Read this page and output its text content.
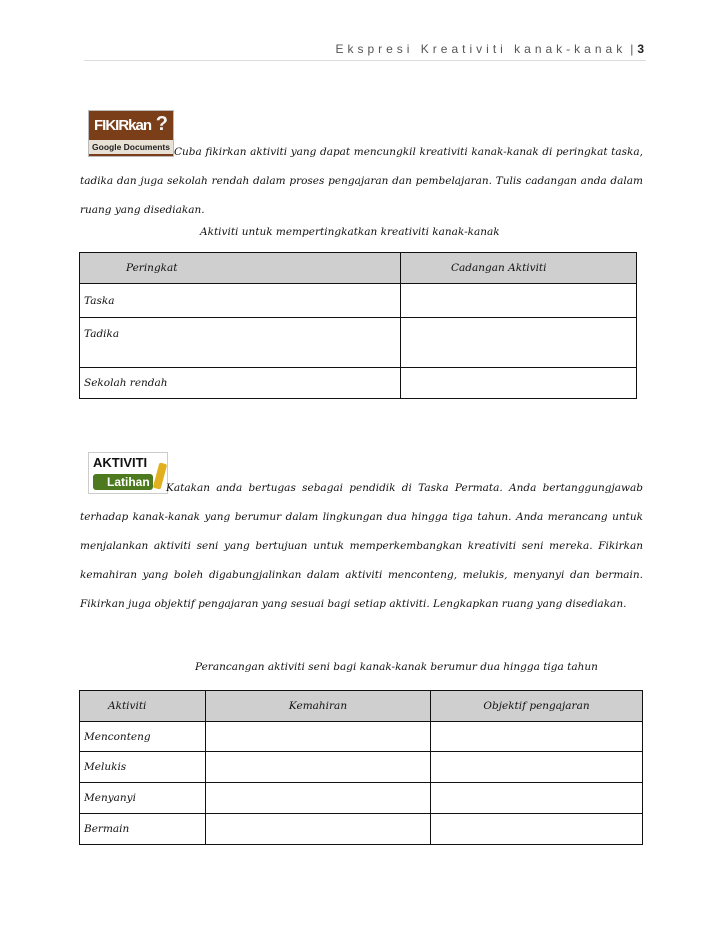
Ekspresi Kreativiti kanak-kanak | 3
FIKIRkan ?
Google Documents Cuba fikirkan aktiviti yang dapat mencungkil kreativiti kanak-kanak di peringkat taska, tadika dan juga sekolah rendah dalam proses pengajaran dan pembelajaran. Tulis cadangan anda dalam ruang yang disediakan.
Aktiviti untuk mempertingkatkan kreativiti kanak-kanak
Peringkat	Cadangan Aktiviti
Taska	
Tadika	
Sekolah rendah	
AKTIVITI
Latihan	Katakan anda bertugas sebagai pendidik di Taska Permata. Anda bertanggungjawab terhadap kanak-kanak yang berumur dalam lingkungan dua hingga tiga tahun. Anda merancang untuk menjalankan aktiviti seni yang bertujuan untuk memperkembangkan kreativiti seni mereka. Fikirkan kemahiran yang boleh digabungjalinkan dalam aktiviti menconteng, melukis, menyanyi dan bermain. Fikirkan juga objektif pengajaran yang sesuai bagi setiap aktiviti. Lengkapkan ruang yang disediakan.
Perancangan aktiviti seni bagi kanak-kanak berumur dua hingga tiga tahun
Aktiviti	Kemahiran	Objektif pengajaran
Menconteng		
Melukis		
Menyanyi		
Bermain		
